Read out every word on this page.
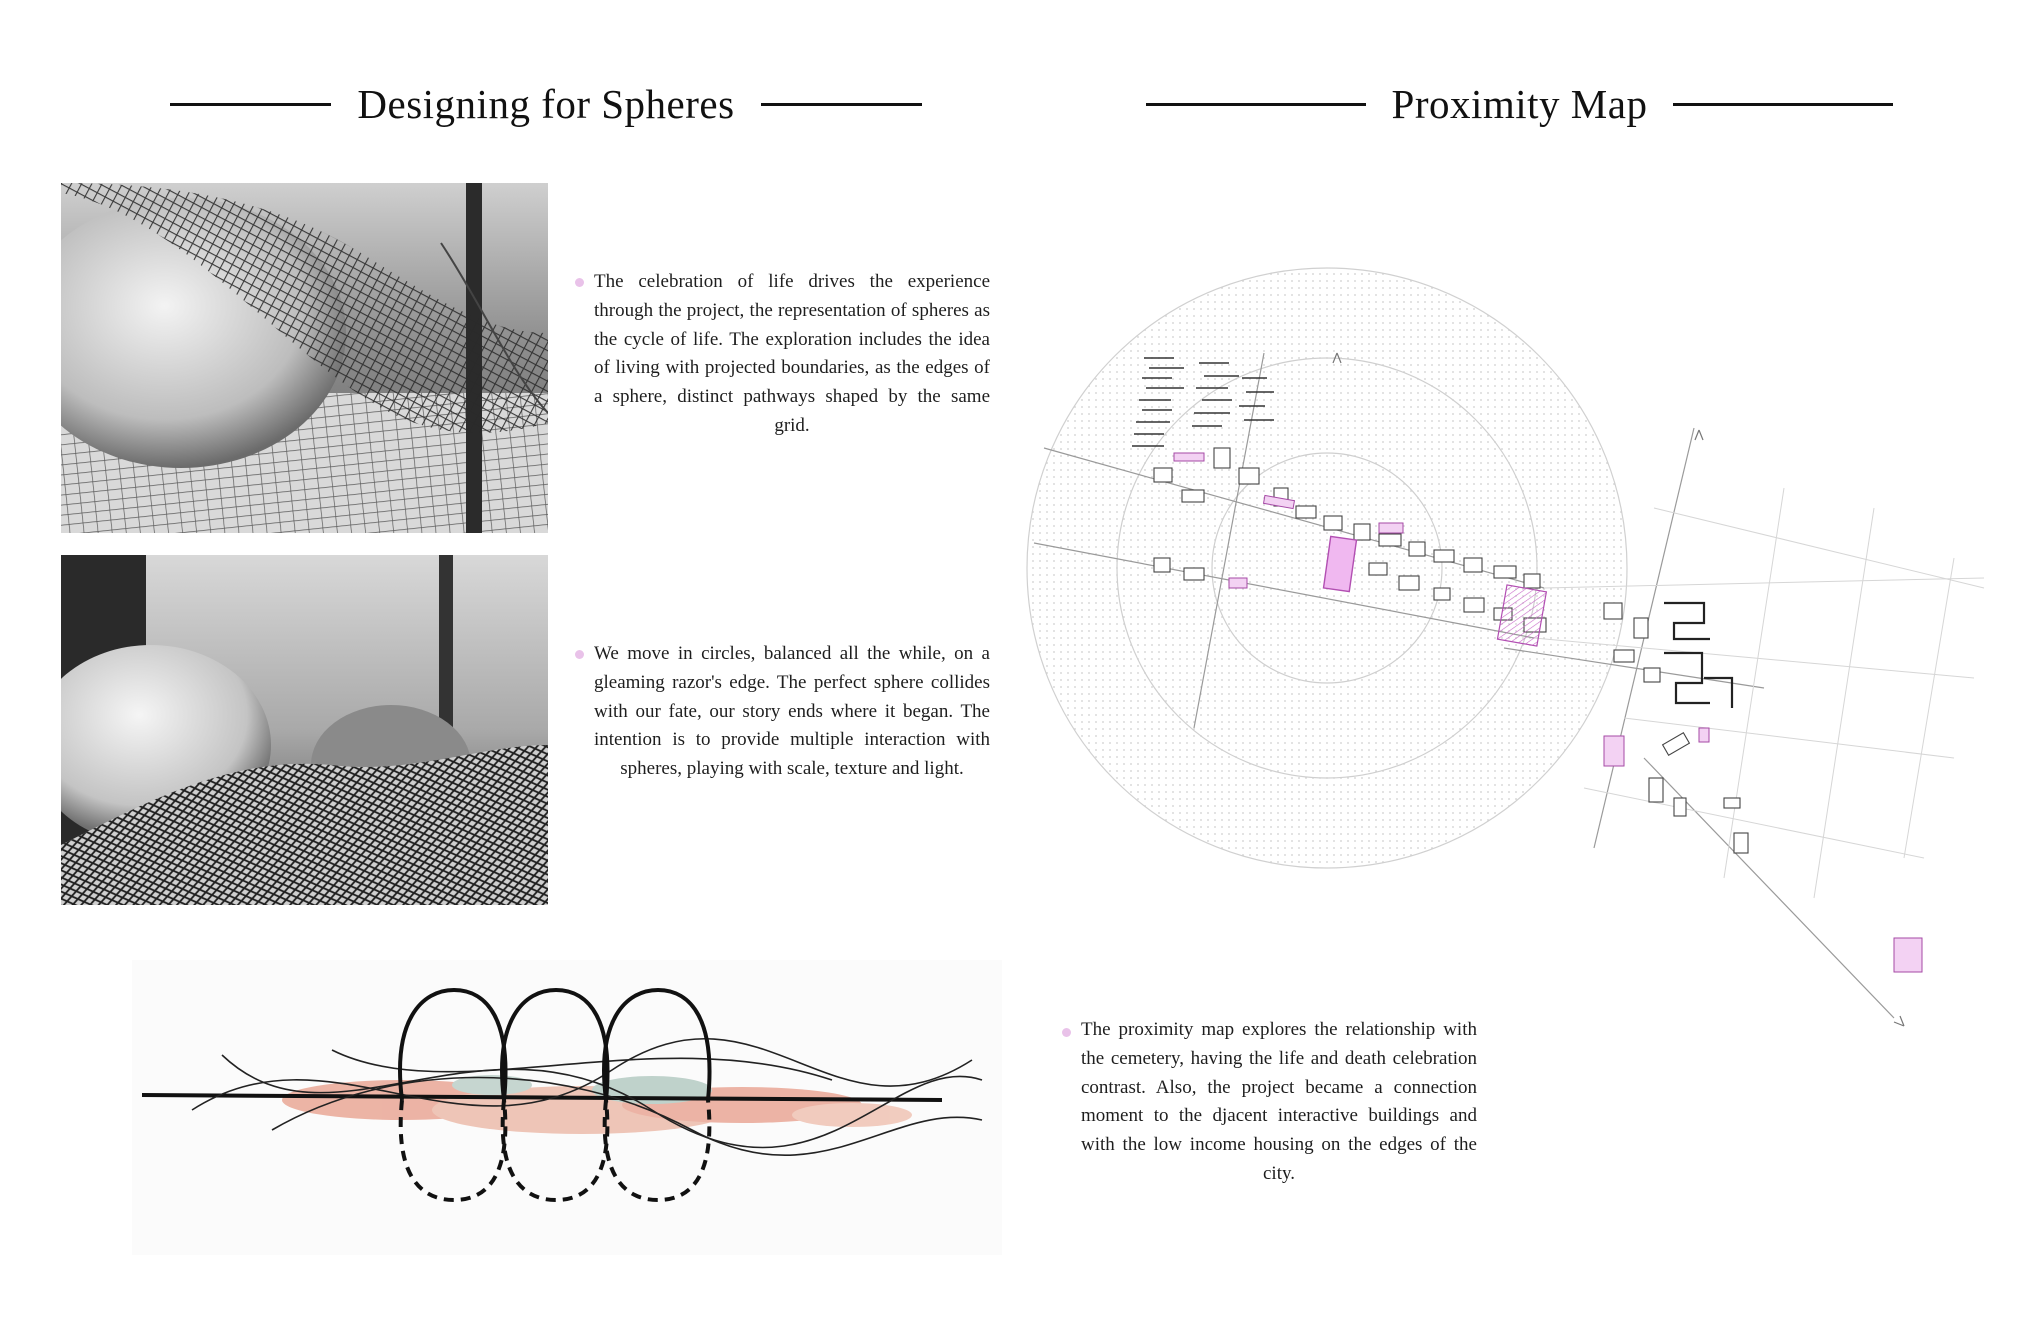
Designing for Spheres	Proximity Map
The celebration of life drives the experience through the project, the representation of spheres as the cycle of life. The exploration includes the idea of living with projected boundaries, as the edges of a sphere, distinct pathways shaped by the same grid.
We move in circles, balanced all the while, on a gleaming razor's edge. The perfect sphere collides with our fate, our story ends where it began. The intention is to provide multiple interaction with spheres, playing with scale, texture and light.
The proximity map explores the relationship with the cemetery, having the life and death celebration contrast. Also, the project became a connection moment to the djacent interactive buildings and with the low income housing on the edges of the city.
